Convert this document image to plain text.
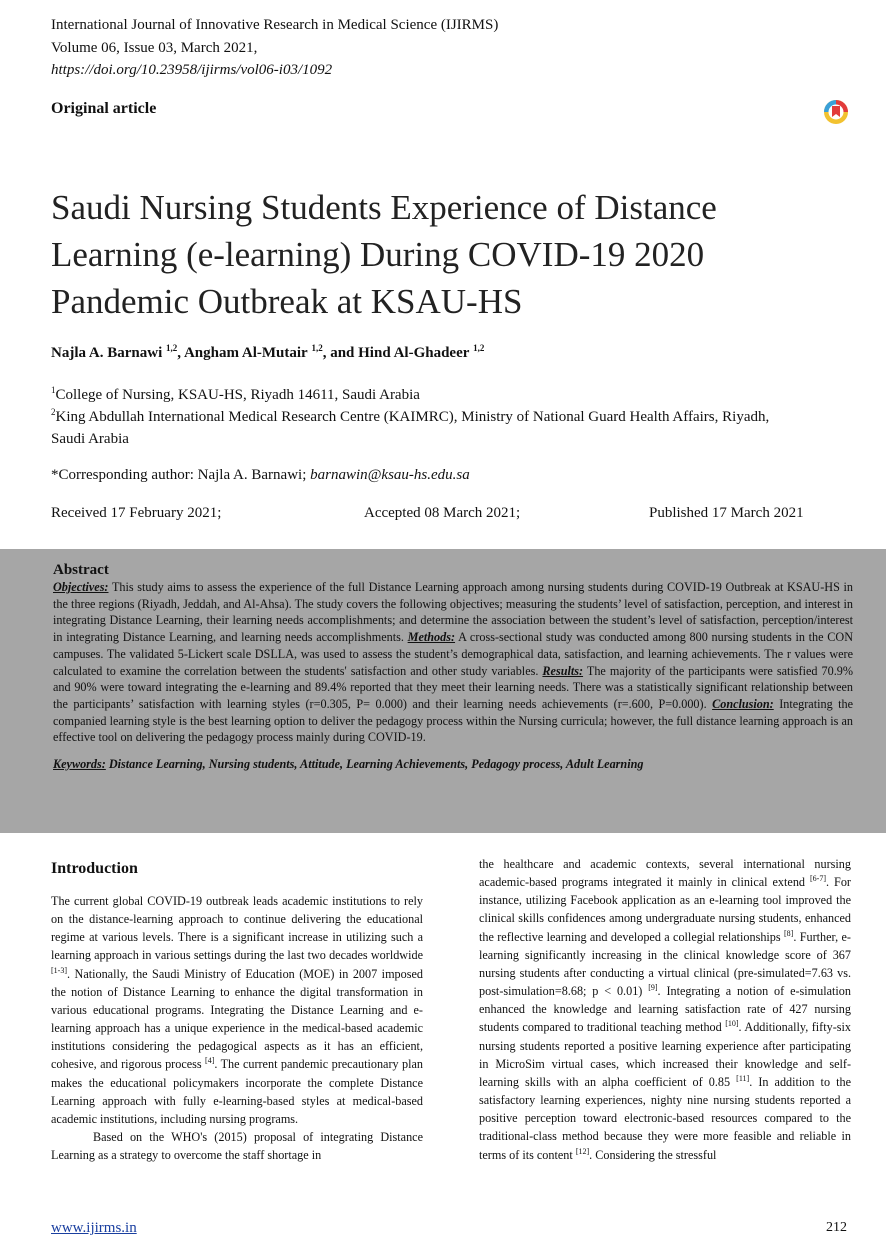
International Journal of Innovative Research in Medical Science (IJIRMS)
Volume 06, Issue 03, March 2021,
https://doi.org/10.23958/ijirms/vol06-i03/1092
Original article
Saudi Nursing Students Experience of Distance Learning (e-learning) During COVID-19 2020 Pandemic Outbreak at KSAU-HS
Najla A. Barnawi $^{1,2}$, Angham Al-Mutair $^{1,2}$, and Hind Al-Ghadeer $^{1,2}$
$^1$College of Nursing, KSAU-HS, Riyadh 14611, Saudi Arabia
$^2$King Abdullah International Medical Research Centre (KAIMRC), Ministry of National Guard Health Affairs, Riyadh, Saudi Arabia
*Corresponding author: Najla A. Barnawi; barnawin@ksau-hs.edu.sa
Received 17 February 2021;	Accepted 08 March 2021;	Published 17 March 2021
Abstract
Objectives: This study aims to assess the experience of the full Distance Learning approach among nursing students during COVID-19 Outbreak at KSAU-HS in the three regions (Riyadh, Jeddah, and Al-Ahsa). The study covers the following objectives; measuring the students’ level of satisfaction, perception, and interest in integrating Distance Learning, their learning needs accomplishments; and determine the association between the student’s level of satisfaction, perception/interest in integrating Distance Learning, and learning needs accomplishments. Methods: A cross-sectional study was conducted among 800 nursing students in the CON campuses. The validated 5-Lickert scale DSLLA, was used to assess the student’s demographical data, satisfaction, and learning achievements. The r values were calculated to examine the correlation between the students' satisfaction and other study variables. Results: The majority of the participants were satisfied 70.9% and 90% were toward integrating the e-learning and 89.4% reported that they meet their learning needs. There was a statistically significant relationship between the participants’ satisfaction with learning styles (r=0.305, P= 0.000) and their learning needs achievements (r=.600, P=0.000). Conclusion: Integrating the companied learning style is the best learning option to deliver the pedagogy process within the Nursing curricula; however, the full distance learning approach is an effective tool on delivering the pedagogy process mainly during COVID-19.
Keywords: Distance Learning, Nursing students, Attitude, Learning Achievements, Pedagogy process, Adult Learning
Introduction

The current global COVID-19 outbreak leads academic institutions to rely on the distance-learning approach to continue delivering the educational regime at various levels. There is a significant increase in utilizing such a learning approach in various settings during the last two decades worldwide [1-3]. Nationally, the Saudi Ministry of Education (MOE) in 2007 imposed the notion of Distance Learning to enhance the digital transformation in various educational programs. Integrating the Distance Learning and e-learning approach has a unique experience in the medical-based academic institutions considering the pedagogical aspects as it has an efficient, cohesive, and rigorous process [4]. The current pandemic precautionary plan makes the educational policymakers incorporate the complete Distance Learning approach with fully e-learning-based styles at medical-based academic institutions, including nursing programs.

Based on the WHO's (2015) proposal of integrating Distance Learning as a strategy to overcome the staff shortage in

the healthcare and academic contexts, several international nursing academic-based programs integrated it mainly in clinical extend [6-7]. For instance, utilizing Facebook application as an e-learning tool improved the clinical skills confidences among undergraduate nursing students, enhanced the reflective learning and developed a collegial relationships [8]. Further, e-learning significantly increasing in the clinical knowledge score of 367 nursing students after conducting a virtual clinical (pre-simulated=7.63 vs. post-simulation=8.68; p < 0.01) [9]. Integrating a notion of e-simulation enhanced the knowledge and learning satisfaction rate of 427 nursing students compared to traditional teaching method [10]. Additionally, fifty-six nursing students reported a positive learning experience after participating in MicroSim virtual cases, which increased their knowledge and self-learning skills with an alpha coefficient of 0.85 [11]. In addition to the satisfactory learning experiences, nighty nine nursing students reported a positive perception toward electronic-based resources compared to the traditional-class method because they were more feasible and reliable in terms of its content [12]. Considering the stressful

www.ijirms.in	212
